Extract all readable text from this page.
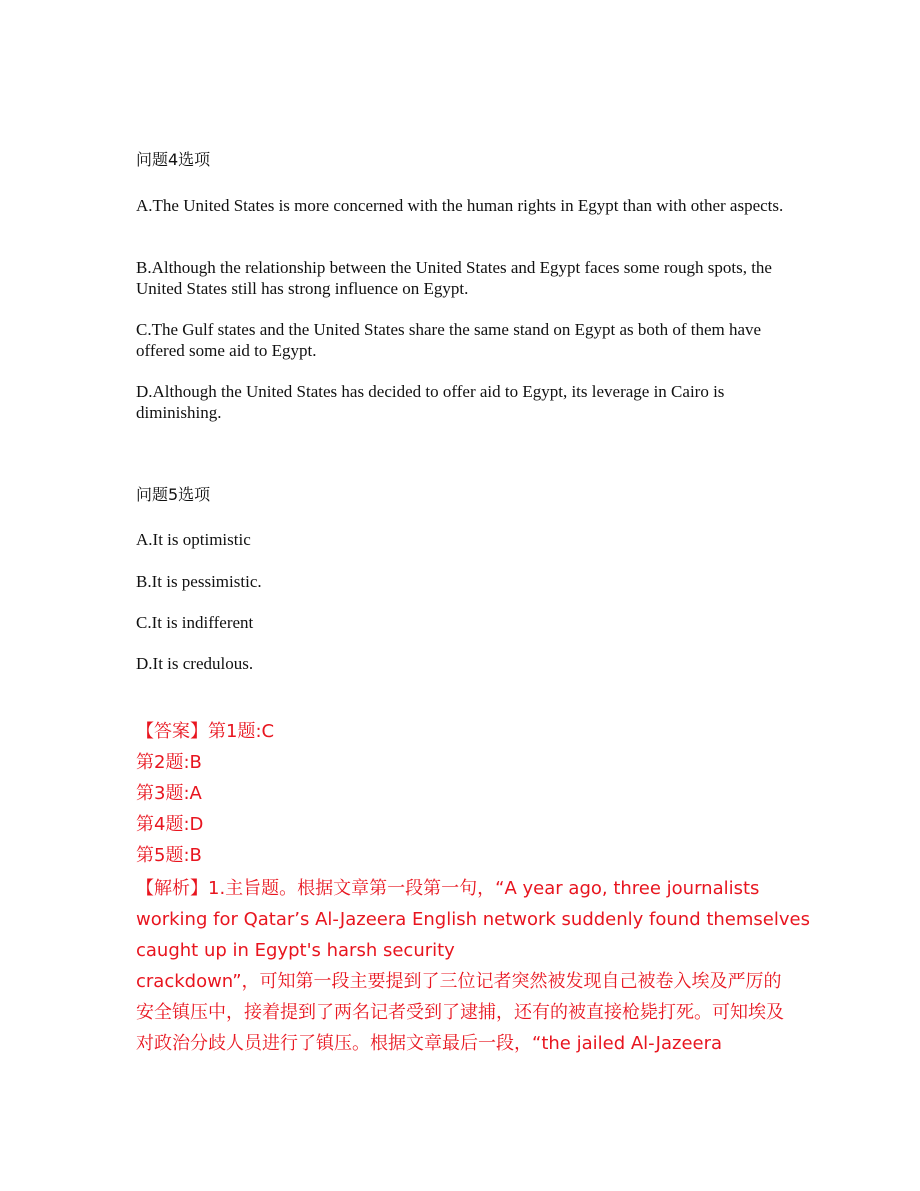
问题4选项
A.The United States is more concerned with the human rights in Egypt than with other aspects.
B.Although the relationship between the United States and Egypt faces some rough spots, the United States still has strong influence on Egypt.
C.The Gulf states and the United States share the same stand on Egypt as both of them have offered some aid to Egypt.
D.Although the United States has decided to offer aid to Egypt, its leverage in Cairo is diminishing.
问题5选项
A.It is optimistic
B.It is pessimistic.
C.It is indifferent
D.It is credulous.
【答案】第1题:C
第2题:B
第3题:A
第4题:D
第5题:B
【解析】1.主旨题。根据文章第一段第一句，“A year ago, three journalists
working for Qatar’s Al-Jazeera English network suddenly found themselves
caught up in Egypt's harsh security
crackdown”，可知第一段主要提到了三位记者突然被发现自己被卷入埃及严厉的
安全镇压中，接着提到了两名记者受到了逮捕，还有的被直接枪毙打死。可知埃及
对政治分歧人员进行了镇压。根据文章最后一段，“the jailed Al-Jazeera
